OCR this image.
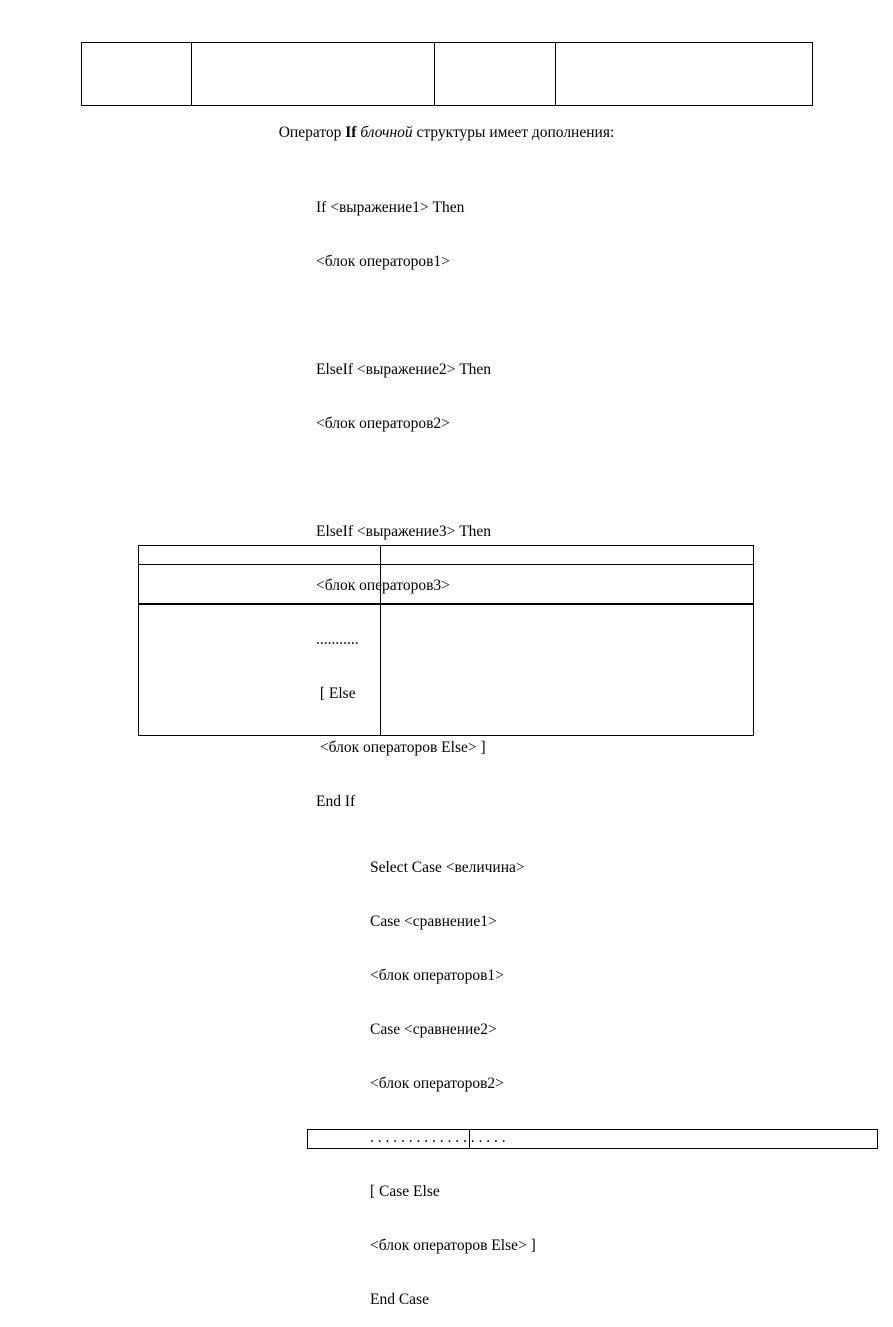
Оператор If блочной структуры имеет дополнения:

If <выражение1> Then

<блок операторов1>

ElseIf <выражение2> Then

<блок операторов2>

ElseIf <выражение3> Then

<блок операторов3>

...........

[ Else

<блок операторов Else> ]

End If

Select Case <величина>

Case <сравнение1>

<блок операторов1>

Case <сравнение2>

<блок операторов2>

. . . . . . . . . . . . . . . . . .

[ Case Else

<блок операторов Else> ]

End Case
